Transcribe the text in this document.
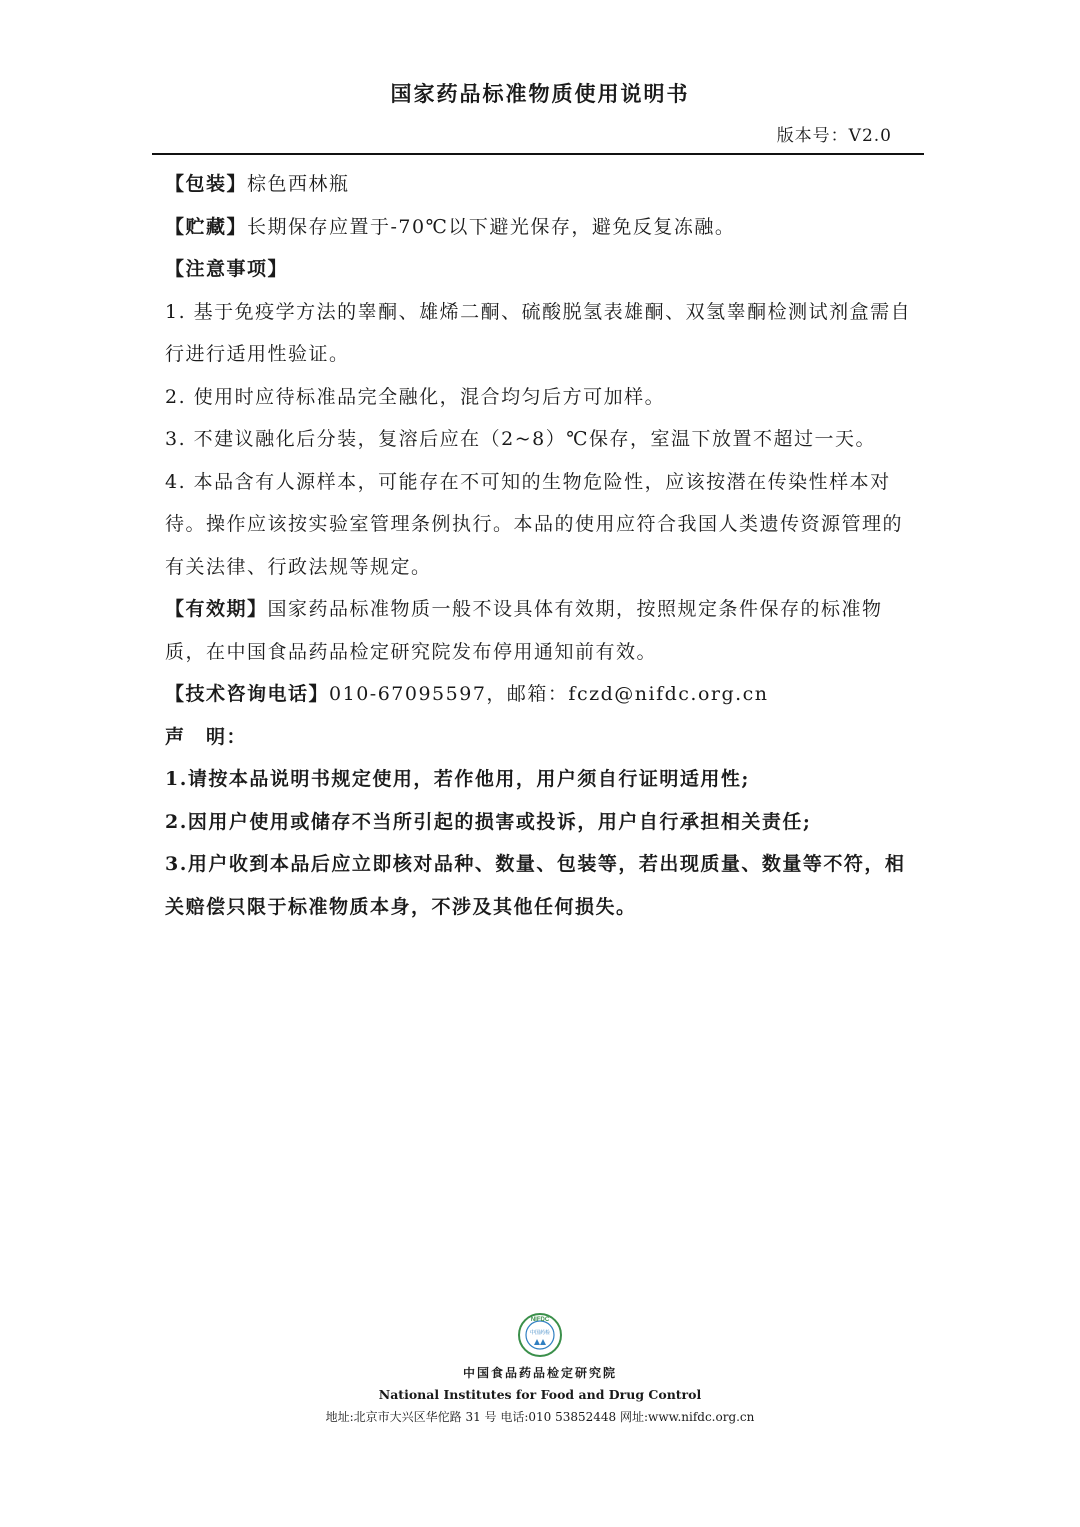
国家药品标准物质使用说明书
版本号：V2.0

【包装】棕色西林瓶

【贮藏】长期保存应置于-70℃以下避光保存，避免反复冻融。

【注意事项】

1. 基于免疫学方法的睾酮、雄烯二酮、硫酸脱氢表雄酮、双氢睾酮检测试剂盒需自行进行适用性验证。

2. 使用时应待标准品完全融化，混合均匀后方可加样。

3. 不建议融化后分装，复溶后应在（2~8）℃保存，室温下放置不超过一天。

4. 本品含有人源样本，可能存在不可知的生物危险性，应该按潜在传染性样本对待。操作应该按实验室管理条例执行。本品的使用应符合我国人类遗传资源管理的有关法律、行政法规等规定。

【有效期】国家药品标准物质一般不设具体有效期，按照规定条件保存的标准物质，在中国食品药品检定研究院发布停用通知前有效。

【技术咨询电话】010-67095597，邮箱：fczd@nifdc.org.cn

声　明：

1.请按本品说明书规定使用，若作他用，用户须自行证明适用性;

2.因用户使用或储存不当所引起的损害或投诉，用户自行承担相关责任;

3.用户收到本品后应立即核对品种、数量、包装等，若出现质量、数量等不符，相关赔偿只限于标准物质本身，不涉及其他任何损失。

NIFDC
中国药检
中国食品药品检定研究院
National Institutes for Food and Drug Control
地址:北京市大兴区华佗路 31 号 电话:010 53852448 网址:www.nifdc.org.cn
